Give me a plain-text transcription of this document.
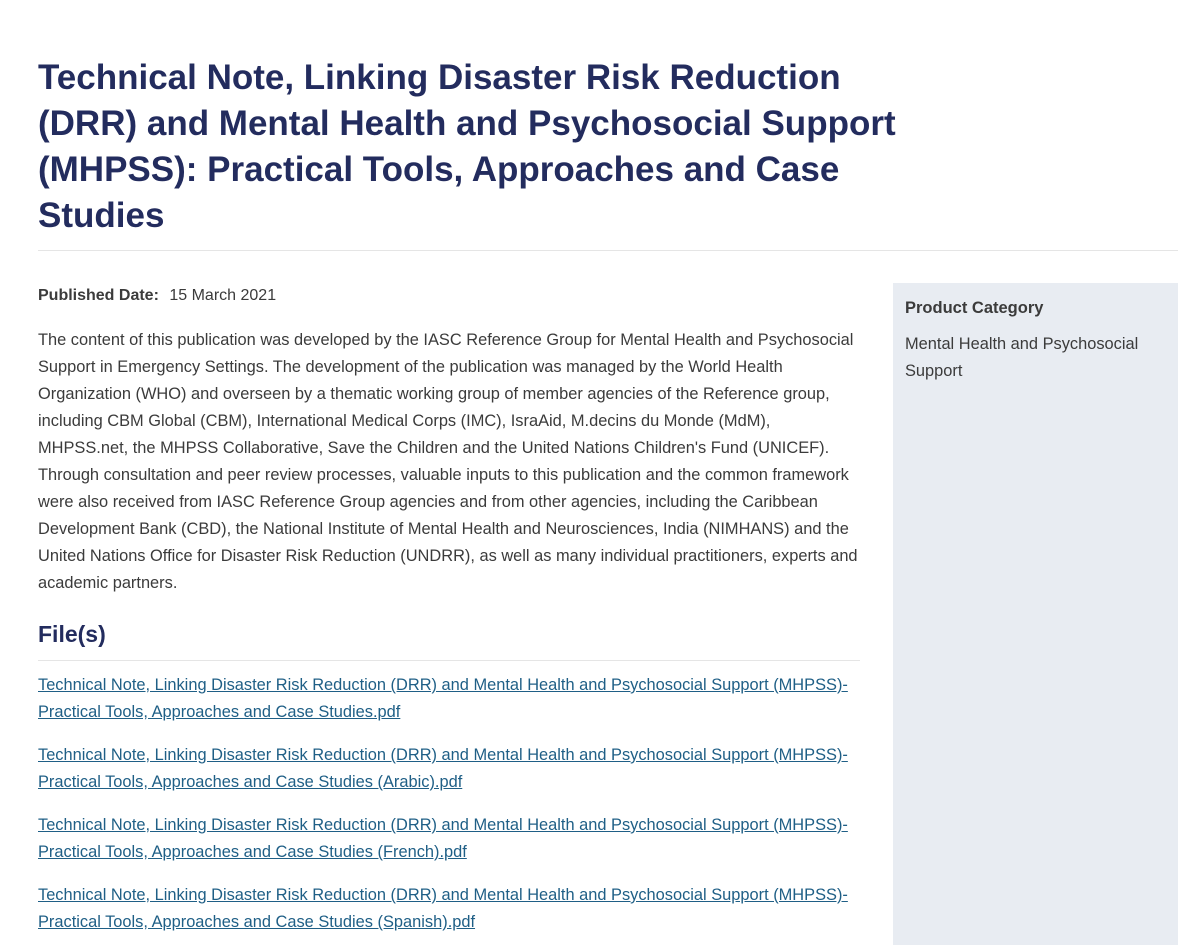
Technical Note, Linking Disaster Risk Reduction (DRR) and Mental Health and Psychosocial Support (MHPSS): Practical Tools, Approaches and Case Studies

Published Date: 15 March 2021

The content of this publication was developed by the IASC Reference Group for Mental Health and Psychosocial Support in Emergency Settings. The development of the publication was managed by the World Health Organization (WHO) and overseen by a thematic working group of member agencies of the Reference group, including CBM Global (CBM), International Medical Corps (IMC), IsraAid, M.decins du Monde (MdM), MHPSS.net, the MHPSS Collaborative, Save the Children and the United Nations Children's Fund (UNICEF). Through consultation and peer review processes, valuable inputs to this publication and the common framework were also received from IASC Reference Group agencies and from other agencies, including the Caribbean Development Bank (CBD), the National Institute of Mental Health and Neurosciences, India (NIMHANS) and the United Nations Office for Disaster Risk Reduction (UNDRR), as well as many individual practitioners, experts and academic partners.

File(s)
Technical Note, Linking Disaster Risk Reduction (DRR) and Mental Health and Psychosocial Support (MHPSS)- Practical Tools, Approaches and Case Studies.pdf
Technical Note, Linking Disaster Risk Reduction (DRR) and Mental Health and Psychosocial Support (MHPSS)- Practical Tools, Approaches and Case Studies (Arabic).pdf
Technical Note, Linking Disaster Risk Reduction (DRR) and Mental Health and Psychosocial Support (MHPSS)- Practical Tools, Approaches and Case Studies (French).pdf
Technical Note, Linking Disaster Risk Reduction (DRR) and Mental Health and Psychosocial Support (MHPSS)- Practical Tools, Approaches and Case Studies (Spanish).pdf
Product Category

Mental Health and Psychosocial Support
